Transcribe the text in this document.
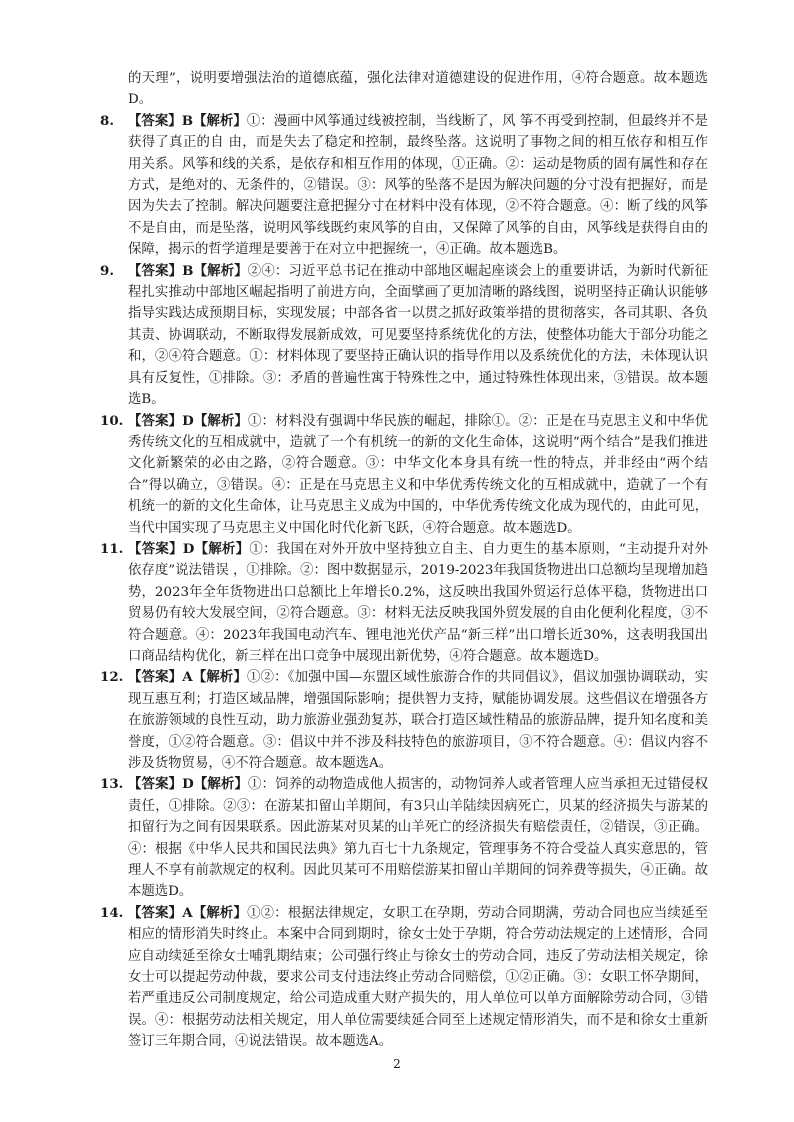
的天理”，说明要增强法治的道德底蕴，强化法律对道德建设的促进作用，④符合题意。故本题选D。

8.	【答案】B【解析】①：漫画中风筝通过线被控制，当线断了，风 筝不再受到控制，但最终并不是获得了真正的自 由，而是失去了稳定和控制，最终坠落。这说明了事物之间的相互依存和相互作用关系。风筝和线的关系，是依存和相互作用的体现，①正确。②：运动是物质的固有属性和存在方式，是绝对的、无条件的，②错误。③：风筝的坠落不是因为解决问题的分寸没有把握好，而是因为失去了控制。解决问题要注意把握分寸在材料中没有体现，②不符合题意。④：断了线的风筝不是自由，而是坠落，说明风筝线既约束风筝的自由，又保障了风筝的自由，风筝线是获得自由的保障，揭示的哲学道理是要善于在对立中把握统一，④正确。故本题选B。

9.	【答案】B【解析】②④：习近平总书记在推动中部地区崛起座谈会上的重要讲话，为新时代新征程扎实推动中部地区崛起指明了前进方向，全面擘画了更加清晰的路线图，说明坚持正确认识能够指导实践达成预期目标，实现发展；中部各省一以贯之抓好政策举措的贯彻落实，各司其职、各负其责、协调联动，不断取得发展新成效，可见要坚持系统优化的方法，使整体功能大于部分功能之和，②④符合题意。①：材料体现了要坚持正确认识的指导作用以及系统优化的方法，未体现认识具有反复性，①排除。③：矛盾的普遍性寓于特殊性之中，通过特殊性体现出来，③错误。故本题选B。

10. 【答案】D【解析】①：材料没有强调中华民族的崛起，排除①。②：正是在马克思主义和中华优秀传统文化的互相成就中，造就了一个有机统一的新的文化生命体，这说明“两个结合”是我们推进文化新繁荣的必由之路，②符合题意。③：中华文化本身具有统一性的特点，并非经由“两个结合”得以确立，③错误。④：正是在马克思主义和中华优秀传统文化的互相成就中，造就了一个有机统一的新的文化生命体，让马克思主义成为中国的，中华优秀传统文化成为现代的，由此可见，当代中国实现了马克思主义中国化时代化新飞跃，④符合题意。故本题选D。

11. 【答案】D【解析】①：我国在对外开放中坚持独立自主、自力更生的基本原则，“主动提升对外依存度”说法错误 ，①排除。②：图中数据显示，2019-2023年我国货物进出口总额均呈现增加趋势，2023年全年货物进出口总额比上年增长0.2%，这反映出我国外贸运行总体平稳，货物进出口贸易仍有较大发展空间，②符合题意。③：材料无法反映我国外贸发展的自由化便利化程度，③不符合题意。④：2023年我国电动汽车、锂电池光伏产品“新三样”出口增长近30%，这表明我国出口商品结构优化，新三样在出口竞争中展现出新优势，④符合题意。故本题选D。

12. 【答案】A【解析】①②：《加强中国—东盟区域性旅游合作的共同倡议》，倡议加强协调联动，实现互惠互利；打造区域品牌，增强国际影响；提供智力支持，赋能协调发展。这些倡议在增强各方在旅游领域的良性互动，助力旅游业强劲复苏，联合打造区域性精品的旅游品牌，提升知名度和美誉度，①②符合题意。③：倡议中并不涉及科技特色的旅游项目，③不符合题意。④：倡议内容不涉及货物贸易，④不符合题意。故本题选A。

13. 【答案】D【解析】①：饲养的动物造成他人损害的，动物饲养人或者管理人应当承担无过错侵权责任，①排除。②③：在游某扣留山羊期间，有3只山羊陆续因病死亡，贝某的经济损失与游某的扣留行为之间有因果联系。因此游某对贝某的山羊死亡的经济损失有赔偿责任，②错误，③正确。④：根据《中华人民共和国民法典》第九百七十九条规定，管理事务不符合受益人真实意思的，管理人不享有前款规定的权利。因此贝某可不用赔偿游某扣留山羊期间的饲养费等损失，④正确。故本题选D。

14. 【答案】A【解析】①②：根据法律规定，女职工在孕期，劳动合同期满，劳动合同也应当续延至相应的情形消失时终止。本案中合同到期时，徐女士处于孕期，符合劳动法规定的上述情形，合同应自动续延至徐女士哺乳期结束；公司强行终止与徐女士的劳动合同，违反了劳动法相关规定，徐女士可以提起劳动仲裁，要求公司支付违法终止劳动合同赔偿，①②正确。③：女职工怀孕期间，若严重违反公司制度规定，给公司造成重大财产损失的，用人单位可以单方面解除劳动合同，③错误。④：根据劳动法相关规定，用人单位需要续延合同至上述规定情形消失，而不是和徐女士重新签订三年期合同，④说法错误。故本题选A。

2
